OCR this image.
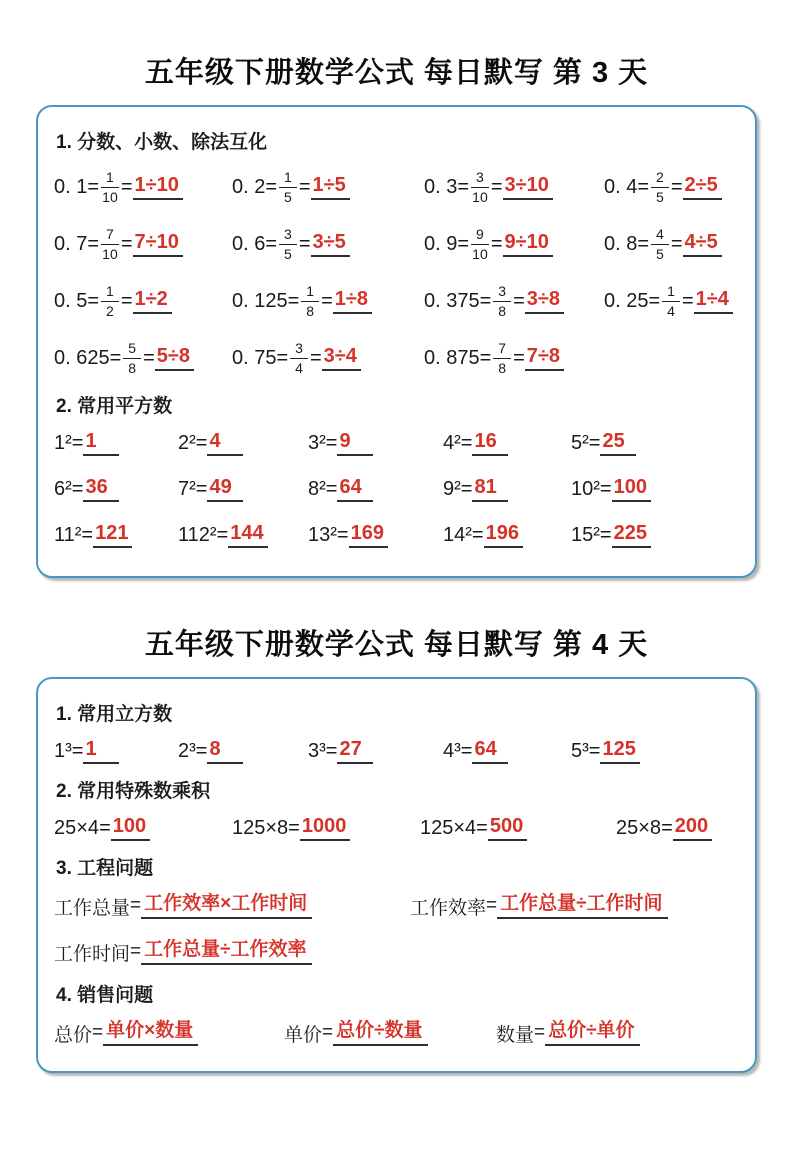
五年级下册数学公式 每日默写 第 3 天
1. 分数、小数、除法互化
0. $1 = \frac{1}{10} = 1\div 10$	0. $2 = \frac{1}{5} = 1\div 5$	0. $3 = \frac{3}{10} = 3\div 10$	0. $4 = \frac{2}{5} = 2\div 5$
0. $7 = \frac{7}{10} = 7\div 10$	0. $6 = \frac{3}{5} = 3\div 5$	0. $9 = \frac{9}{10} = 9\div 10$	0. $8 = \frac{4}{5} = 4\div 5$
0. $5 = \frac{1}{2} = 1\div 2$	0. $125 = \frac{1}{8} = 1\div 8$	0. $375 = \frac{3}{8} = 3\div 8$ 0. $25 = \frac{1}{4} = 1\div 4$
0. $625 = \frac{5}{8} = 5\div 8$ 0. $75 = \frac{3}{4} = 3\div 4$	0. $875 = \frac{7}{8} = 7\div 8$
2. 常用平方数
1² = 1	2² = 4	3² = 9	4² = 16	5² = 25
6² = 36	7² = 49	8² = 64	9² = 81	10² = 100
11² = 121 112² = 144 13² = 169	14² = 196	15² = 225
五年级下册数学公式 每日默写 第 4 天
1. 常用立方数
1³ = 1	2³ = 8	3³ = 27	4³ = 64	5³ = 125
2. 常用特殊数乘积
25×4 = 100	125×8 = 1000	125×4 = 500	25×8 = 200
3. 工程问题
工作总量 = 工作效率×工作时间	工作效率 = 工作总量÷工作时间
工作时间 = 工作总量÷工作效率
4. 销售问题
总价 = 单价×数量	单价 = 总价÷数量	数量 = 总价÷单价
